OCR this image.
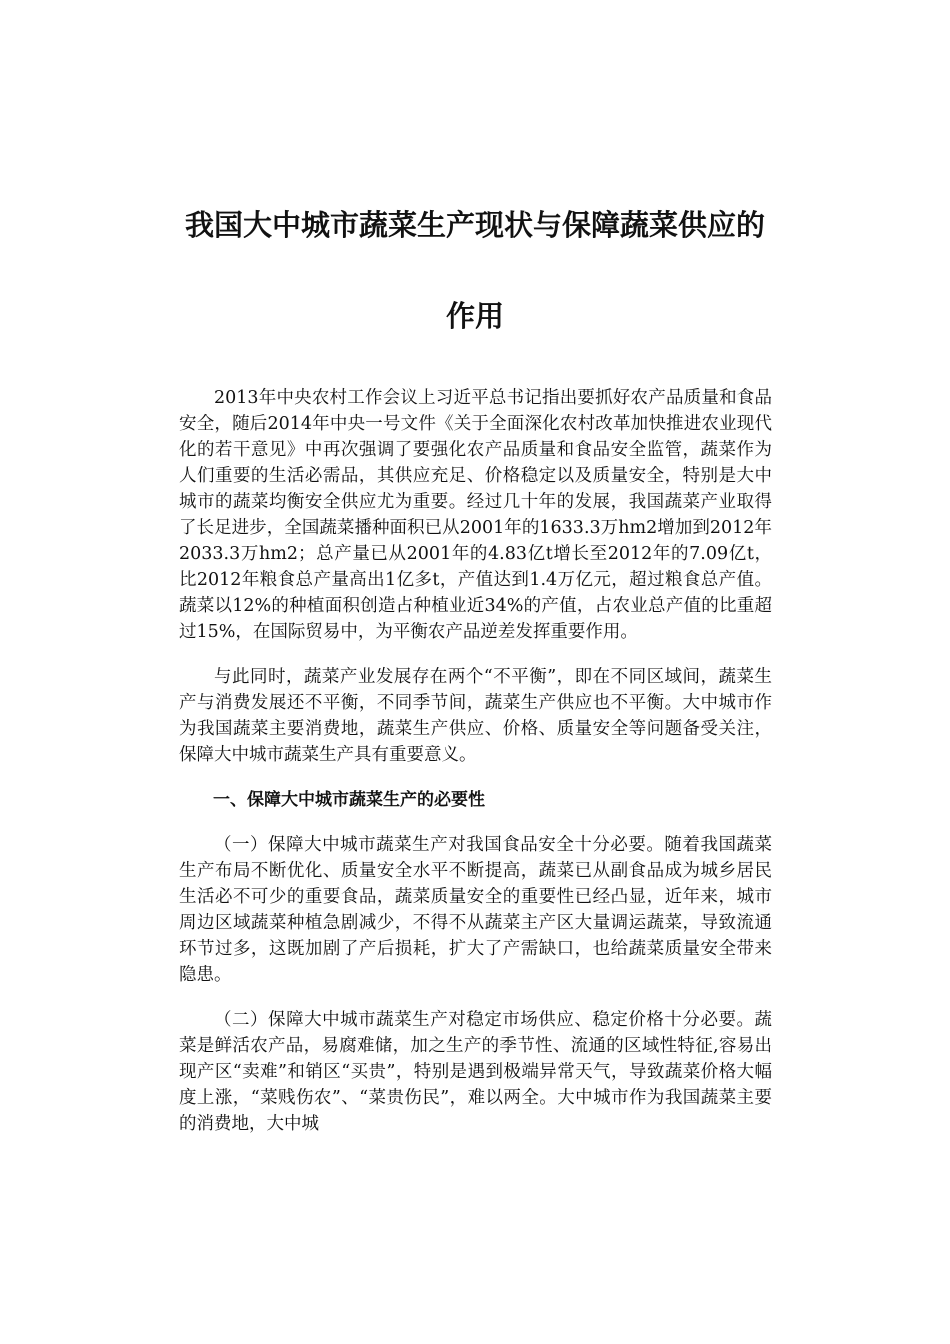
我国大中城市蔬菜生产现状与保障蔬菜供应的
作用

2013年中央农村工作会议上习近平总书记指出要抓好农产品质量和食品安全，随后2014年中央一号文件《关于全面深化农村改革加快推进农业现代化的若干意见》中再次强调了要强化农产品质量和食品安全监管，蔬菜作为人们重要的生活必需品，其供应充足、价格稳定以及质量安全，特别是大中城市的蔬菜均衡安全供应尤为重要。经过几十年的发展，我国蔬菜产业取得了长足进步，全国蔬菜播种面积已从2001年的1633.3万hm2增加到2012年2033.3万hm2；总产量已从2001年的4.83亿t增长至2012年的7.09亿t，比2012年粮食总产量高出1亿多t，产值达到1.4万亿元，超过粮食总产值。蔬菜以12%的种植面积创造占种植业近34%的产值，占农业总产值的比重超过15%，在国际贸易中，为平衡农产品逆差发挥重要作用。

与此同时，蔬菜产业发展存在两个“不平衡”，即在不同区域间，蔬菜生产与消费发展还不平衡，不同季节间，蔬菜生产供应也不平衡。大中城市作为我国蔬菜主要消费地，蔬菜生产供应、价格、质量安全等问题备受关注，保障大中城市蔬菜生产具有重要意义。

一、保障大中城市蔬菜生产的必要性

（一）保障大中城市蔬菜生产对我国食品安全十分必要。随着我国蔬菜生产布局不断优化、质量安全水平不断提高，蔬菜已从副食品成为城乡居民生活必不可少的重要食品，蔬菜质量安全的重要性已经凸显，近年来，城市周边区域蔬菜种植急剧减少，不得不从蔬菜主产区大量调运蔬菜，导致流通环节过多，这既加剧了产后损耗，扩大了产需缺口，也给蔬菜质量安全带来隐患。

（二）保障大中城市蔬菜生产对稳定市场供应、稳定价格十分必要。蔬菜是鲜活农产品，易腐难储，加之生产的季节性、流通的区域性特征,容易出现产区“卖难”和销区“买贵”，特别是遇到极端异常天气，导致蔬菜价格大幅度上涨，“菜贱伤农”、“菜贵伤民”，难以两全。大中城市作为我国蔬菜主要的消费地，大中城
